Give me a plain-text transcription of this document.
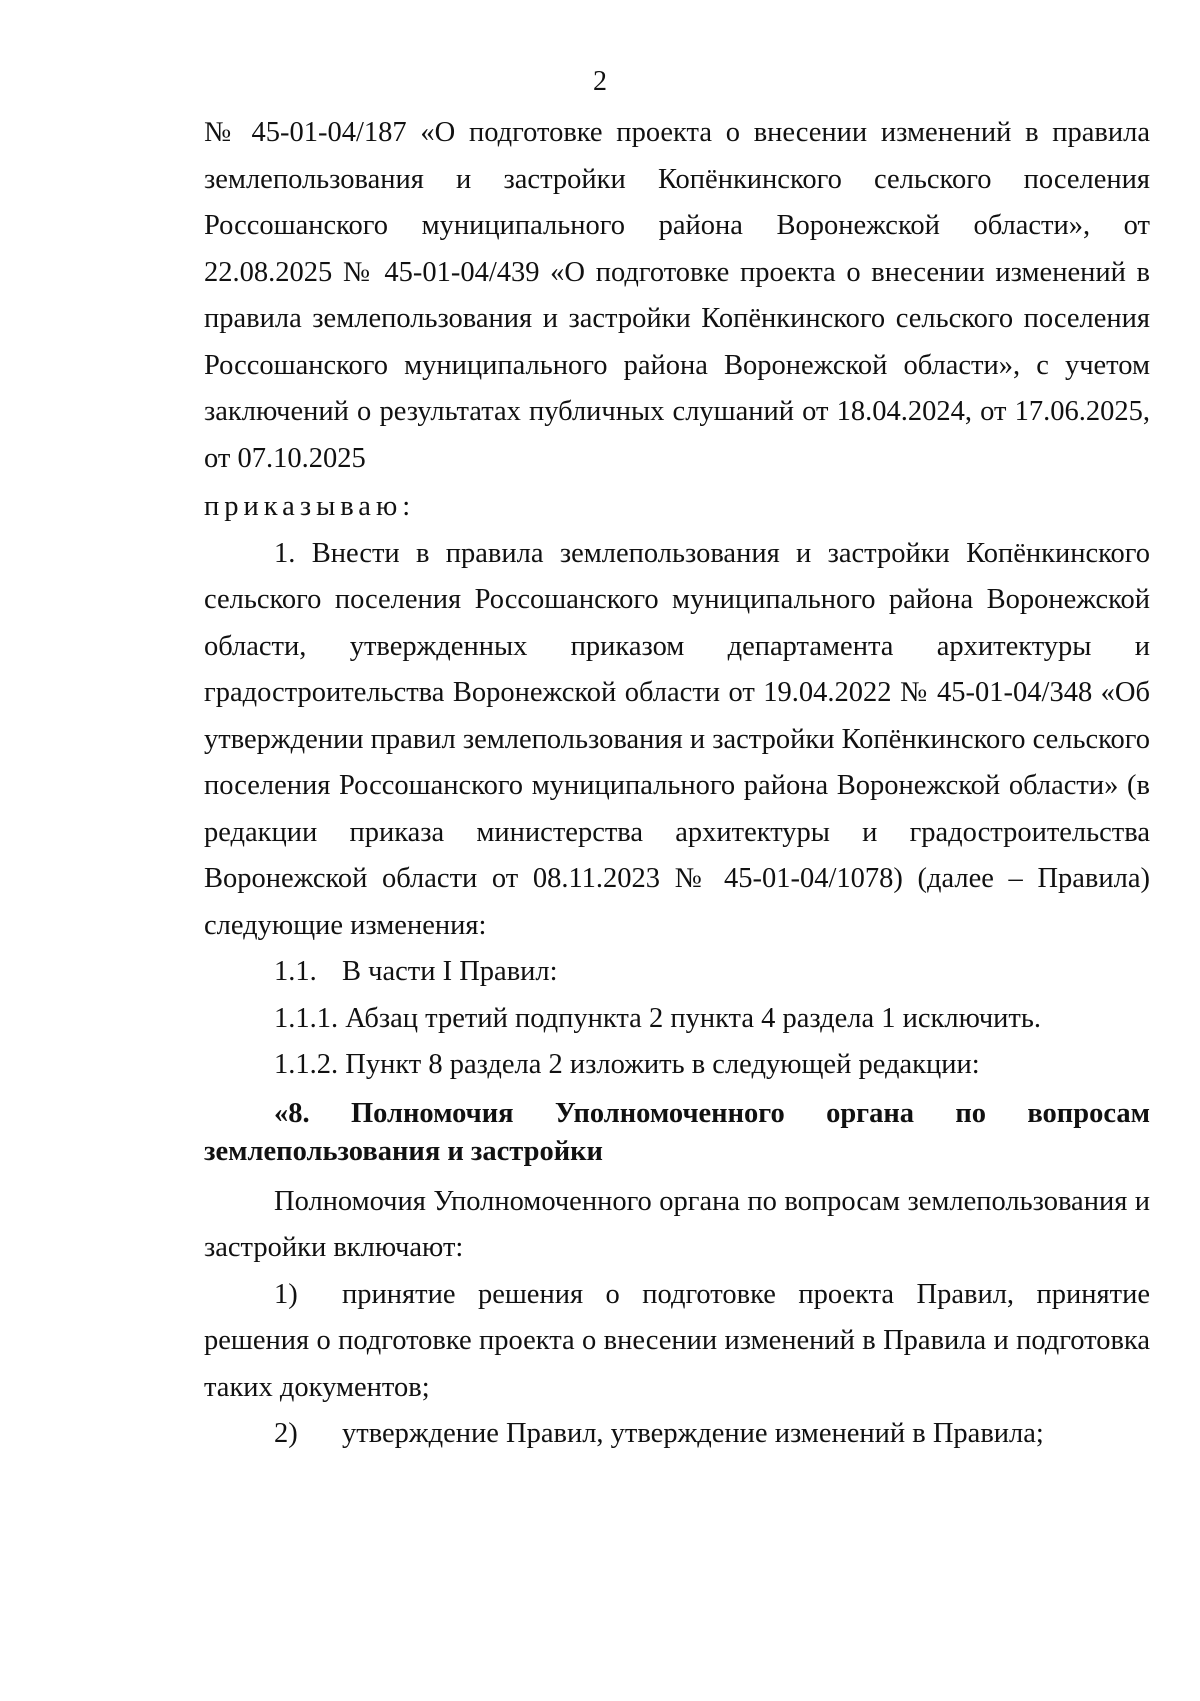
2

№ 45-01-04/187 «О подготовке проекта о внесении изменений в правила землепользования и застройки Копёнкинского сельского поселения Россошанского муниципального района Воронежской области», от 22.08.2025 № 45-01-04/439 «О подготовке проекта о внесении изменений в правила землепользования и застройки Копёнкинского сельского поселения Россошанского муниципального района Воронежской области», с учетом заключений о результатах публичных слушаний от 18.04.2024, от 17.06.2025, от 07.10.2025

приказываю:

1. Внести в правила землепользования и застройки Копёнкинского сельского поселения Россошанского муниципального района Воронежской области, утвержденных приказом департамента архитектуры и градостроительства Воронежской области от 19.04.2022 № 45-01-04/348 «Об утверждении правил землепользования и застройки Копёнкинского сельского поселения Россошанского муниципального района Воронежской области» (в редакции приказа министерства архитектуры и градостроительства Воронежской области от 08.11.2023 № 45-01-04/1078) (далее – Правила) следующие изменения:

1.1. В части I Правил:

1.1.1. Абзац третий подпункта 2 пункта 4 раздела 1 исключить.

1.1.2. Пункт 8 раздела 2 изложить в следующей редакции:

«8. Полномочия Уполномоченного органа по вопросам землепользования и застройки

Полномочия Уполномоченного органа по вопросам землепользования и застройки включают:

1) принятие решения о подготовке проекта Правил, принятие решения о подготовке проекта о внесении изменений в Правила и подготовка таких документов;

2) утверждение Правил, утверждение изменений в Правила;
